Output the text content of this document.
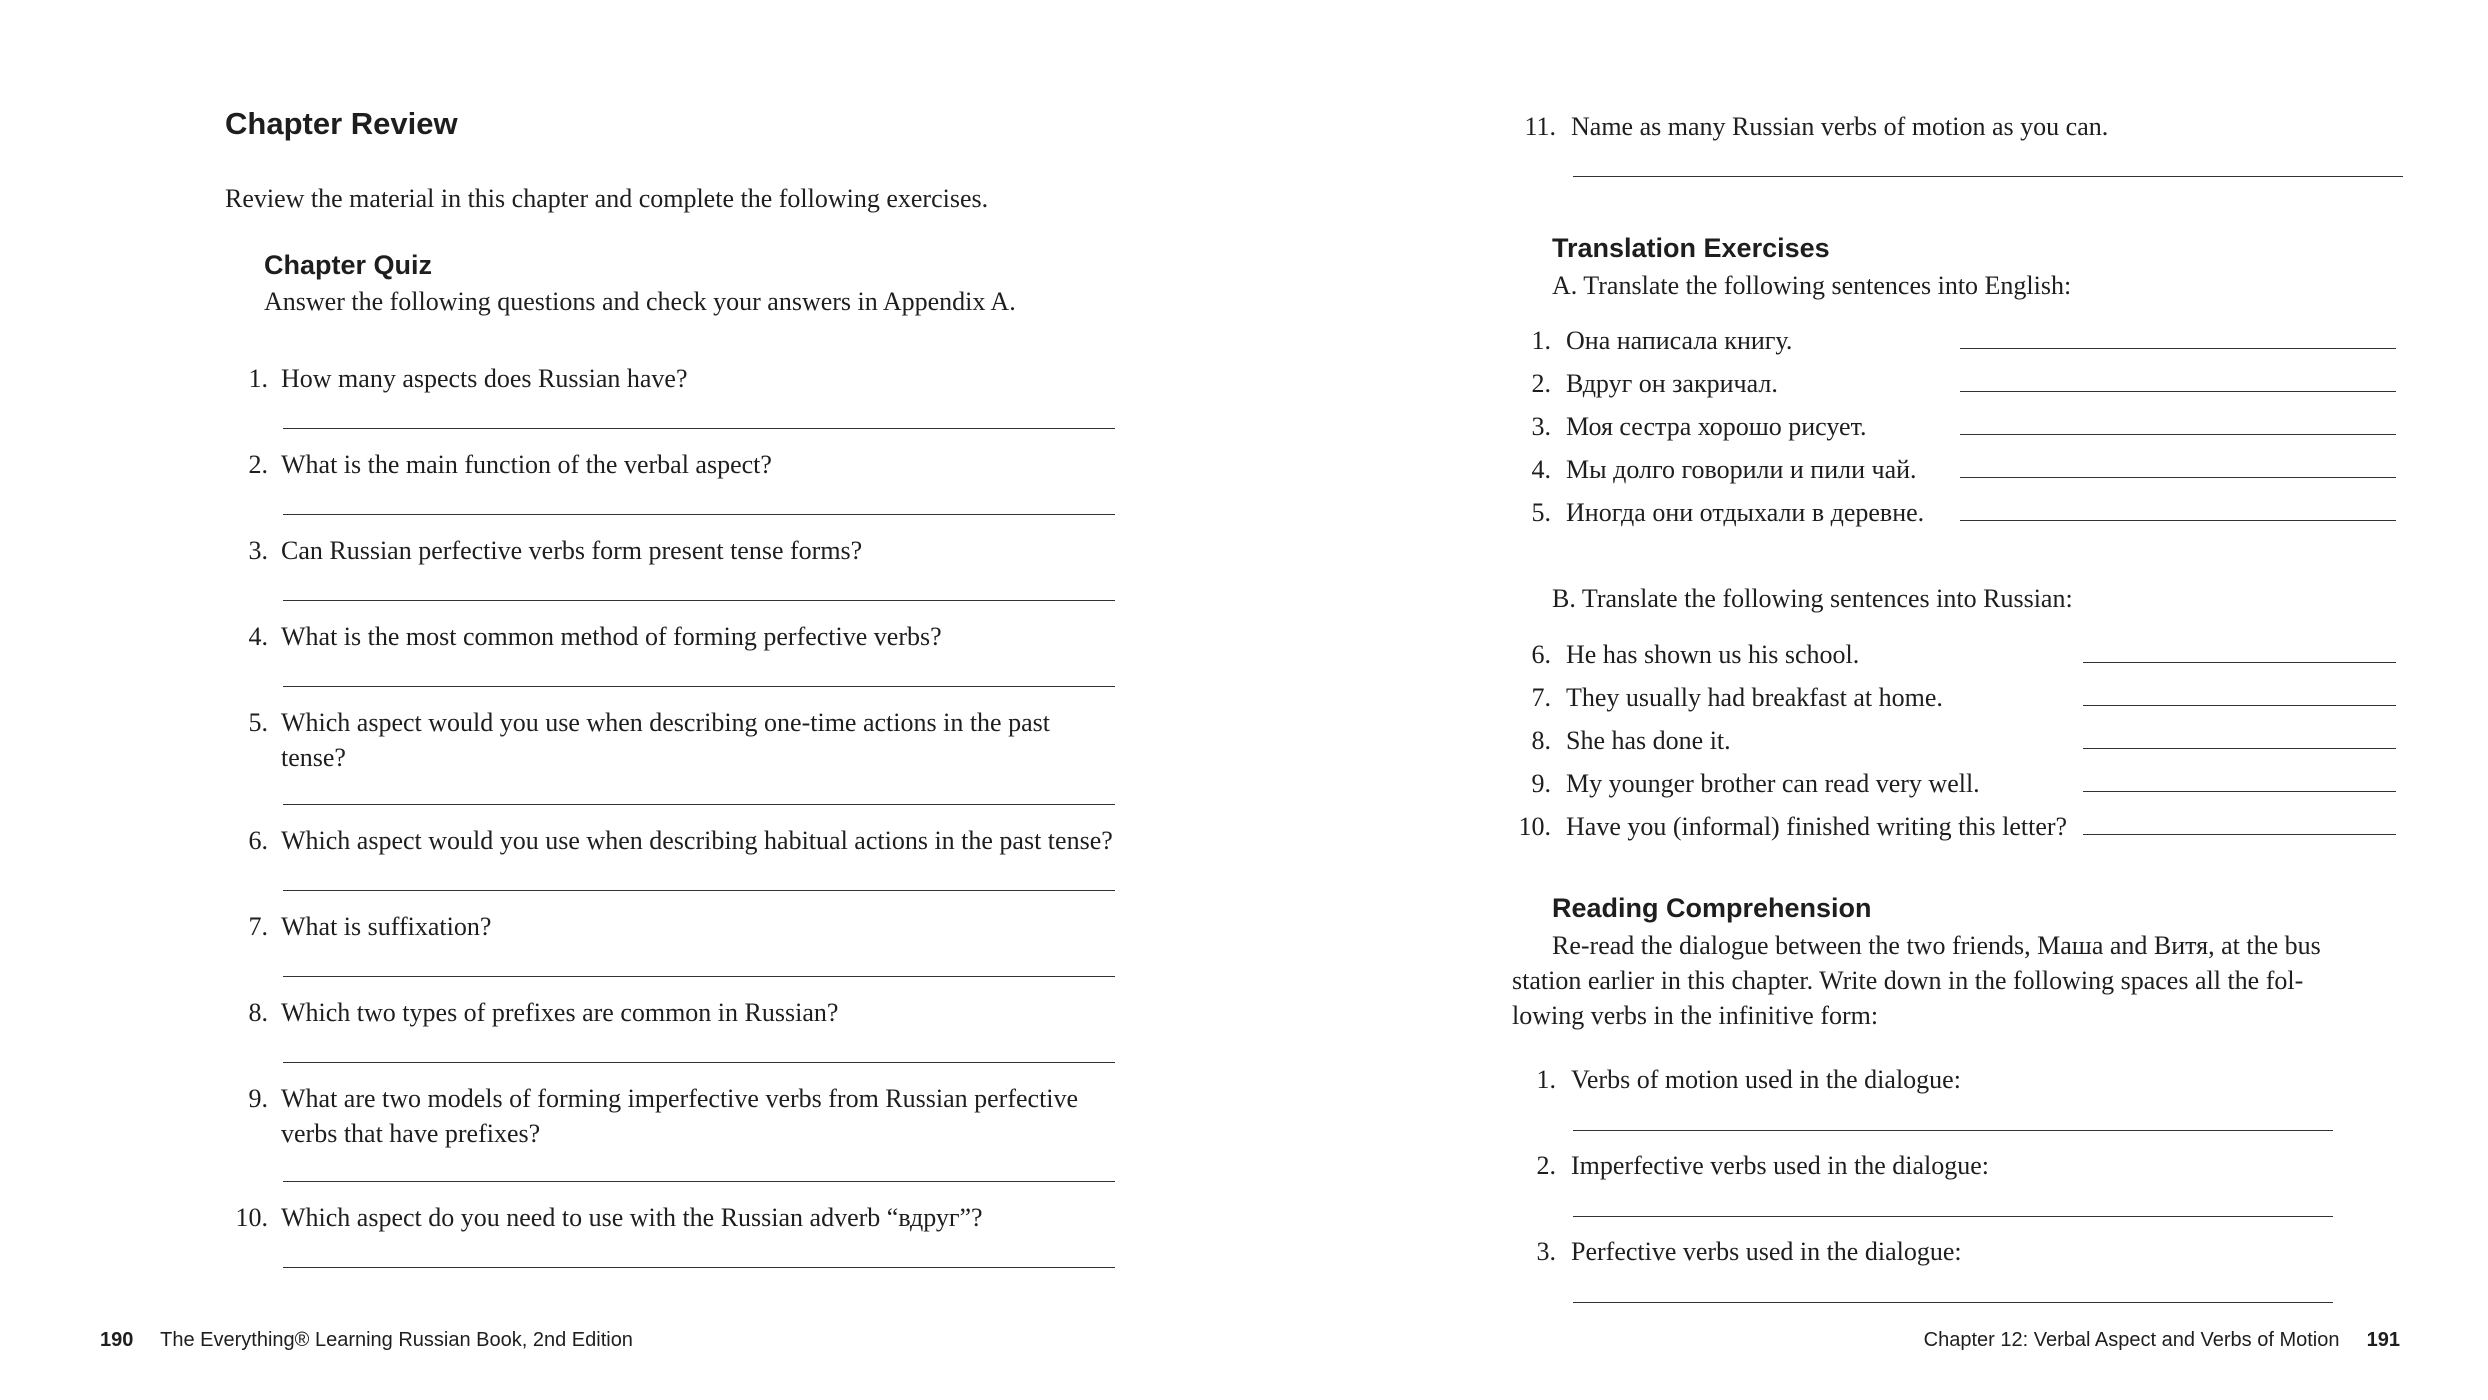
Chapter Review
Review the material in this chapter and complete the following exercises.
Chapter Quiz
Answer the following questions and check your answers in Appendix A.
1. How many aspects does Russian have?
2. What is the main function of the verbal aspect?
3. Can Russian perfective verbs form present tense forms?
4. What is the most common method of forming perfective verbs?
5. Which aspect would you use when describing one-time actions in the past
tense?
6. Which aspect would you use when describing habitual actions in the past tense?
7. What is suffixation?
8. Which two types of prefixes are common in Russian?
9. What are two models of forming imperfective verbs from Russian perfective
verbs that have prefixes?
10. Which aspect do you need to use with the Russian adverb “вдруг”?
190 The Everything® Learning Russian Book, 2nd Edition
11. Name as many Russian verbs of motion as you can.
Translation Exercises
A. Translate the following sentences into English:
1. Она написала книгу.
2. Вдруг он закричал.
3. Моя сестра хорошо рисует.
4. Мы долго говорили и пили чай.
5. Иногда они отдыхали в деревне.
B. Translate the following sentences into Russian:
6. He has shown us his school.
7. They usually had breakfast at home.
8. She has done it.
9. My younger brother can read very well.
10. Have you (informal) finished writing this letter?
Reading Comprehension
Re-read the dialogue between the two friends, Маша and Витя, at the bus
station earlier in this chapter. Write down in the following spaces all the fol-
lowing verbs in the infinitive form:
1. Verbs of motion used in the dialogue:
2. Imperfective verbs used in the dialogue:
3. Perfective verbs used in the dialogue:
Chapter 12: Verbal Aspect and Verbs of Motion 191
